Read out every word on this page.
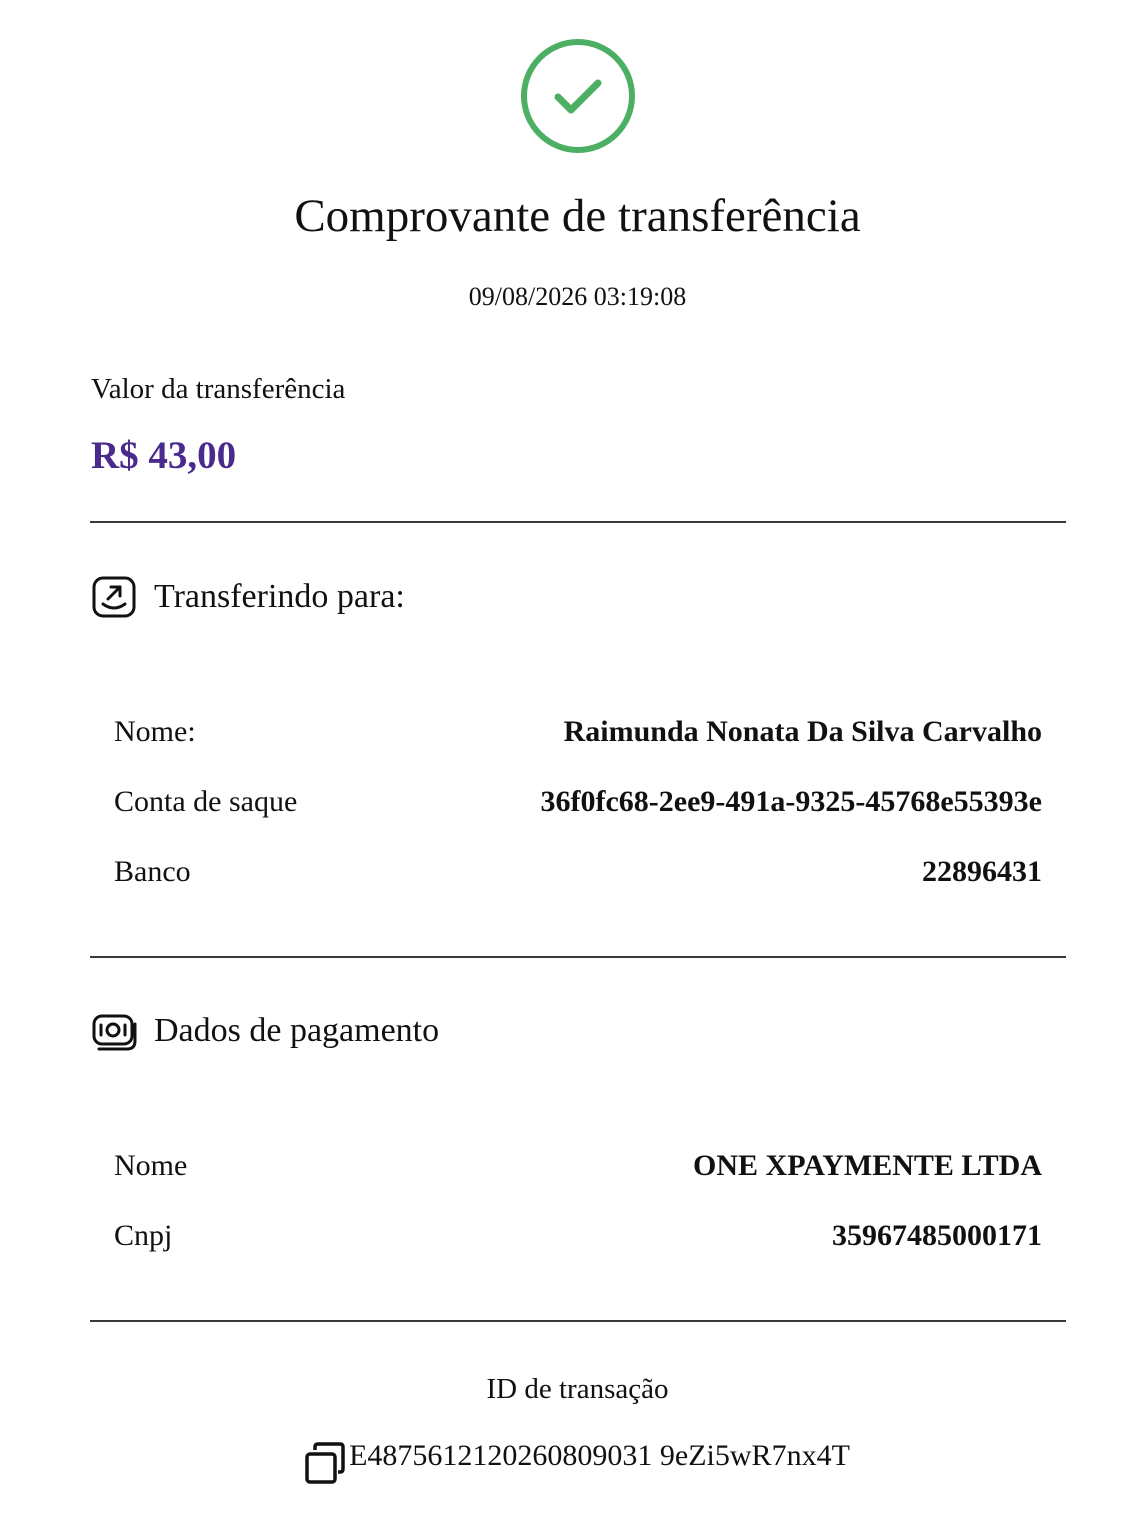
Comprovante de transferência
09/08/2026 03:19:08
Valor da transferência
R$ 43,00
Transferindo para:
Nome:	Raimunda Nonata Da Silva Carvalho
Conta de saque	36f0fc68-2ee9-491a-9325-45768e55393e
Banco	22896431
Dados de pagamento
Nome	ONE XPAYMENTE LTDA
Cnpj	35967485000171
ID de transação
E4875612120260809031 9eZi5wR7nx4T
